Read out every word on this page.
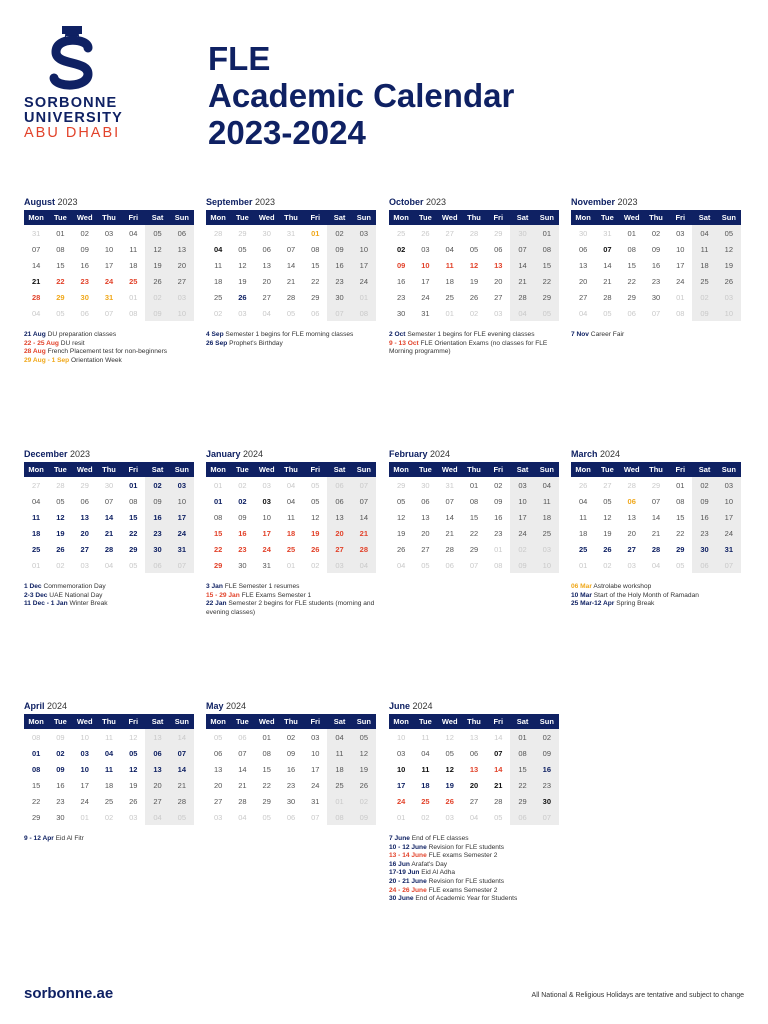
SORBONNE
UNIVERSITY
ABU DHABI
FLE
Academic Calendar
2023-2024
August 2023
Mon	Tue	Wed	Thu	Fri	Sat	Sun
31	01	02	03	04	05	06
07	08	09	10	11	12	13
14	15	16	17	18	19	20
21	22	23	24	25	26	27
28	29	30	31	01	02	03
04	05	06	07	08	09	10
21 Aug DU preparation classes
22 - 25 Aug DU resit
28 Aug French Placement test for non-beginners
29 Aug - 1 Sep Orientation Week
September 2023
Mon	Tue	Wed	Thu	Fri	Sat	Sun
28	29	30	31	01	02	03
04	05	06	07	08	09	10
11	12	13	14	15	16	17
18	19	20	21	22	23	24
25	26	27	28	29	30	01
02	03	04	05	06	07	08
4 Sep Semester 1 begins for FLE morning classes
26 Sep Prophet's Birthday
October 2023
Mon	Tue	Wed	Thu	Fri	Sat	Sun
25	26	27	28	29	30	01
02	03	04	05	06	07	08
09	10	11	12	13	14	15
16	17	18	19	20	21	22
23	24	25	26	27	28	29
30	31	01	02	03	04	05
2 Oct Semester 1 begins for FLE evening classes
9 - 13 Oct FLE Orientation Exams (no classes for FLE Morning programme)
November 2023
Mon	Tue	Wed	Thu	Fri	Sat	Sun
30	31	01	02	03	04	05
06	07	08	09	10	11	12
13	14	15	16	17	18	19
20	21	22	23	24	25	26
27	28	29	30	01	02	03
04	05	06	07	08	09	10
7 Nov Career Fair
December 2023
Mon	Tue	Wed	Thu	Fri	Sat	Sun
27	28	29	30	01	02	03
04	05	06	07	08	09	10
11	12	13	14	15	16	17
18	19	20	21	22	23	24
25	26	27	28	29	30	31
01	02	03	04	05	06	07
1 Dec Commemoration Day
2-3 Dec UAE National Day
11 Dec - 1 Jan Winter Break
January 2024
Mon	Tue	Wed	Thu	Fri	Sat	Sun
01	02	03	04	05	06	07
01	02	03	04	05	06	07
08	09	10	11	12	13	14
15	16	17	18	19	20	21
22	23	24	25	26	27	28
29	30	31	01	02	03	04
3 Jan FLE Semester 1 resumes
15 - 29 Jan FLE Exams Semester 1
22 Jan Semester 2 begins for FLE students (morning and evening classes)
February 2024
Mon	Tue	Wed	Thu	Fri	Sat	Sun
29	30	31	01	02	03	04
05	06	07	08	09	10	11
12	13	14	15	16	17	18
19	20	21	22	23	24	25
26	27	28	29	01	02	03
04	05	06	07	08	09	10
March 2024
Mon	Tue	Wed	Thu	Fri	Sat	Sun
26	27	28	29	01	02	03
04	05	06	07	08	09	10
11	12	13	14	15	16	17
18	19	20	21	22	23	24
25	26	27	28	29	30	31
01	02	03	04	05	06	07
06 Mar Astrolabe workshop
10 Mar Start of the Holy Month of Ramadan
25 Mar-12 Apr Spring Break
April 2024
Mon	Tue	Wed	Thu	Fri	Sat	Sun
08	09	10	11	12	13	14
01	02	03	04	05	06	07
08	09	10	11	12	13	14
15	16	17	18	19	20	21
22	23	24	25	26	27	28
29	30	01	02	03	04	05
9 - 12 Apr Eid Al Fitr
May 2024
Mon	Tue	Wed	Thu	Fri	Sat	Sun
05	06	01	02	03	04	05
06	07	08	09	10	11	12
13	14	15	16	17	18	19
20	21	22	23	24	25	26
27	28	29	30	31	01	02
03	04	05	06	07	08	09
June 2024
Mon	Tue	Wed	Thu	Fri	Sat	Sun
10	11	12	13	14	01	02
03	04	05	06	07	08	09
10	11	12	13	14	15	16
17	18	19	20	21	22	23
24	25	26	27	28	29	30
01	02	03	04	05	06	07
7 June End of FLE classes
10 - 12 June Revision for FLE students
13 - 14 June FLE exams Semester 2
16 Jun Arafat's Day
17-19 Jun Eid Al Adha
20 - 21 June Revision for FLE students
24 - 26 June FLE exams Semester 2
30 June End of Academic Year for Students
sorbonne.ae	All National & Religious Holidays are tentative and subject to change
